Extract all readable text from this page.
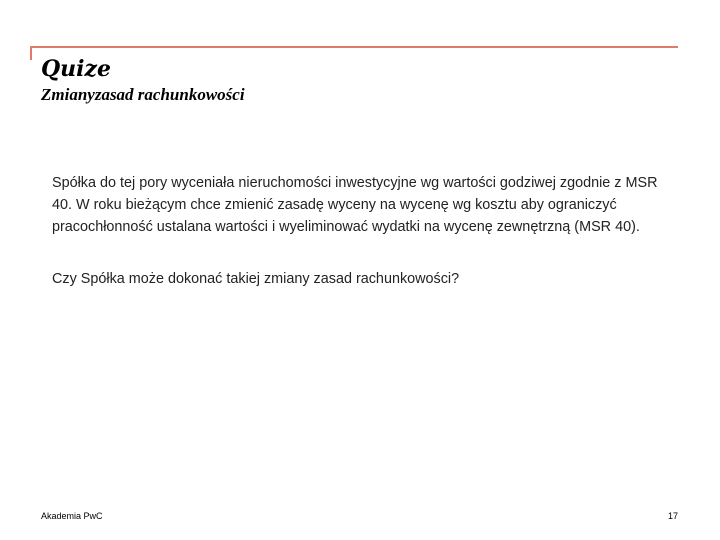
Quize
Zmianyzasad rachunkowości

Spółka do tej pory wyceniała nieruchomości inwestycyjne wg wartości godziwej zgodnie z MSR 40. W roku bieżącym chce zmienić zasadę wyceny na wycenę wg kosztu aby ograniczyć pracochłonność ustalana wartości i wyeliminować wydatki na wycenę zewnętrzną (MSR 40).

Czy Spółka może dokonać takiej zmiany zasad rachunkowości?

Akademia PwC	17
